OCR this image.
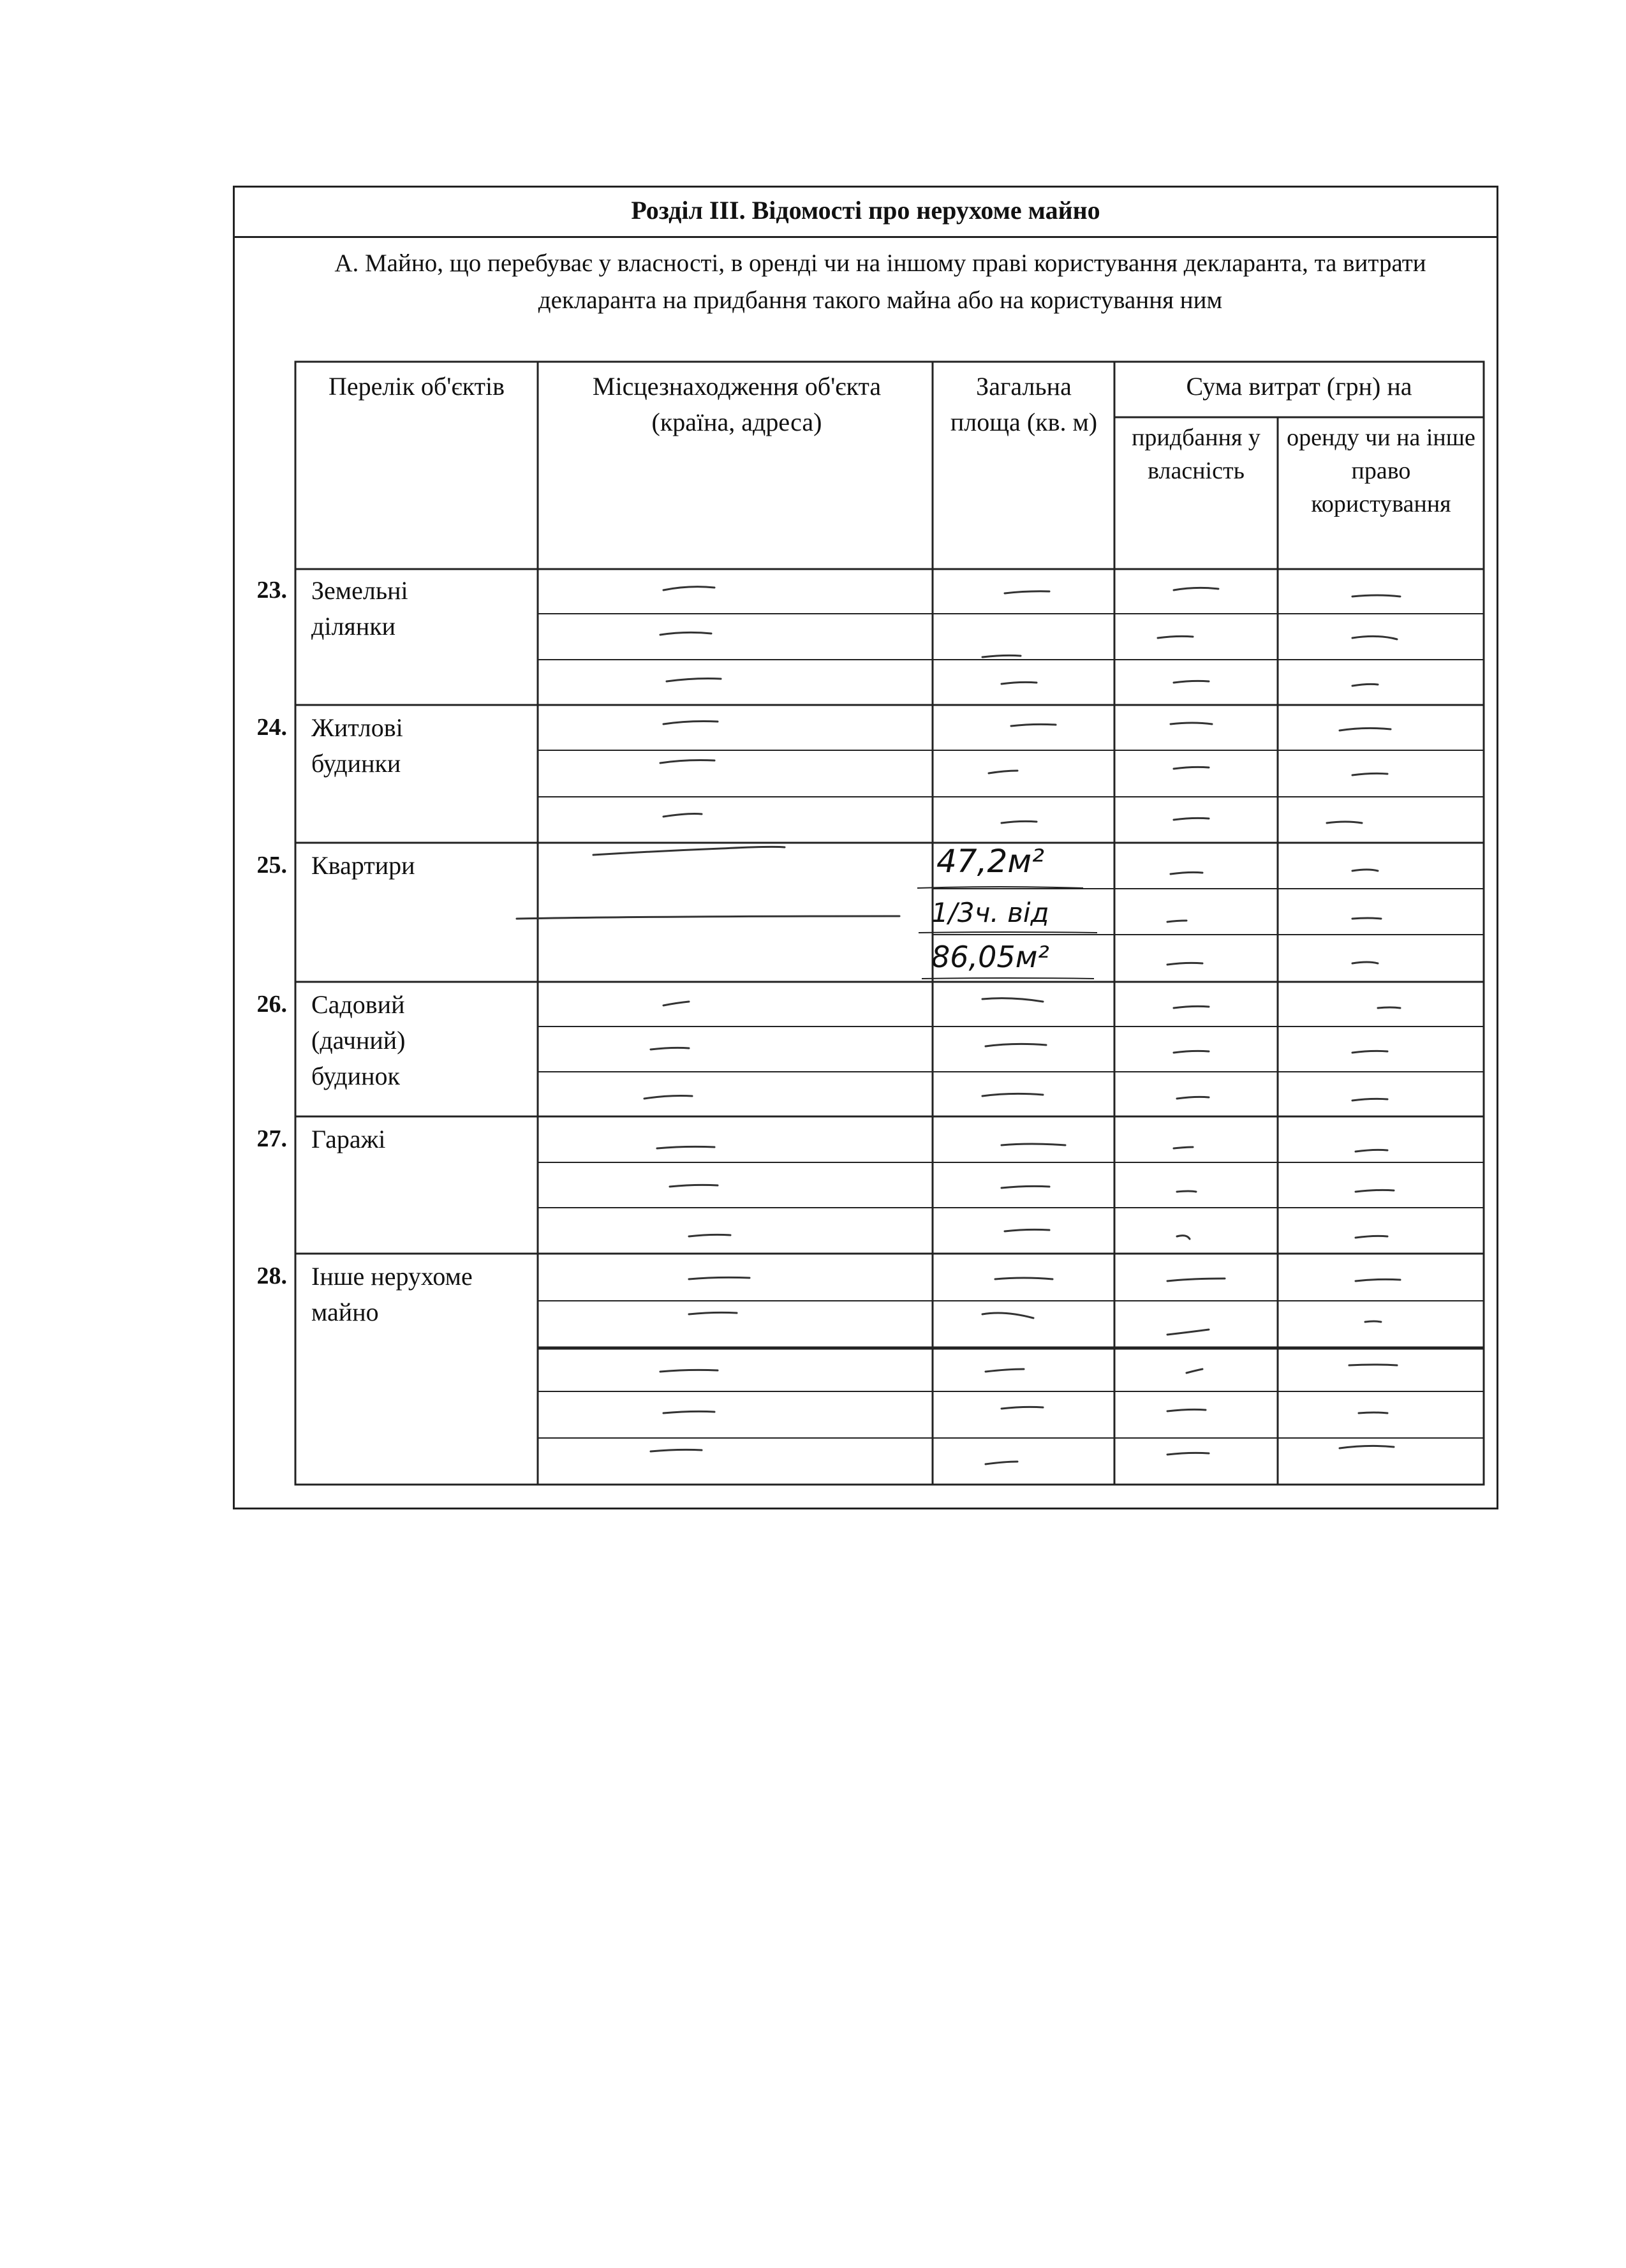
Розділ ІІІ. Відомості про нерухоме майно
А. Майно, що перебуває у власності, в оренді чи на іншому праві користування декларанта, та витрати декларанта на придбання такого майна або на користування ним
Перелік об'єктів	Місцезнаходження об'єкта (країна, адреса)
Загальна площа (кв. м)
Сума витрат (грн) на
придбання у власність
оренду чи на інше право користування
23. Земельні ділянки
24. Житлові будинки
25. Квартири
26. Садовий (дачний) будинок
27. Гаражі
28. Інше нерухоме майно
47,2м²
1/3ч. від
86,05м²
